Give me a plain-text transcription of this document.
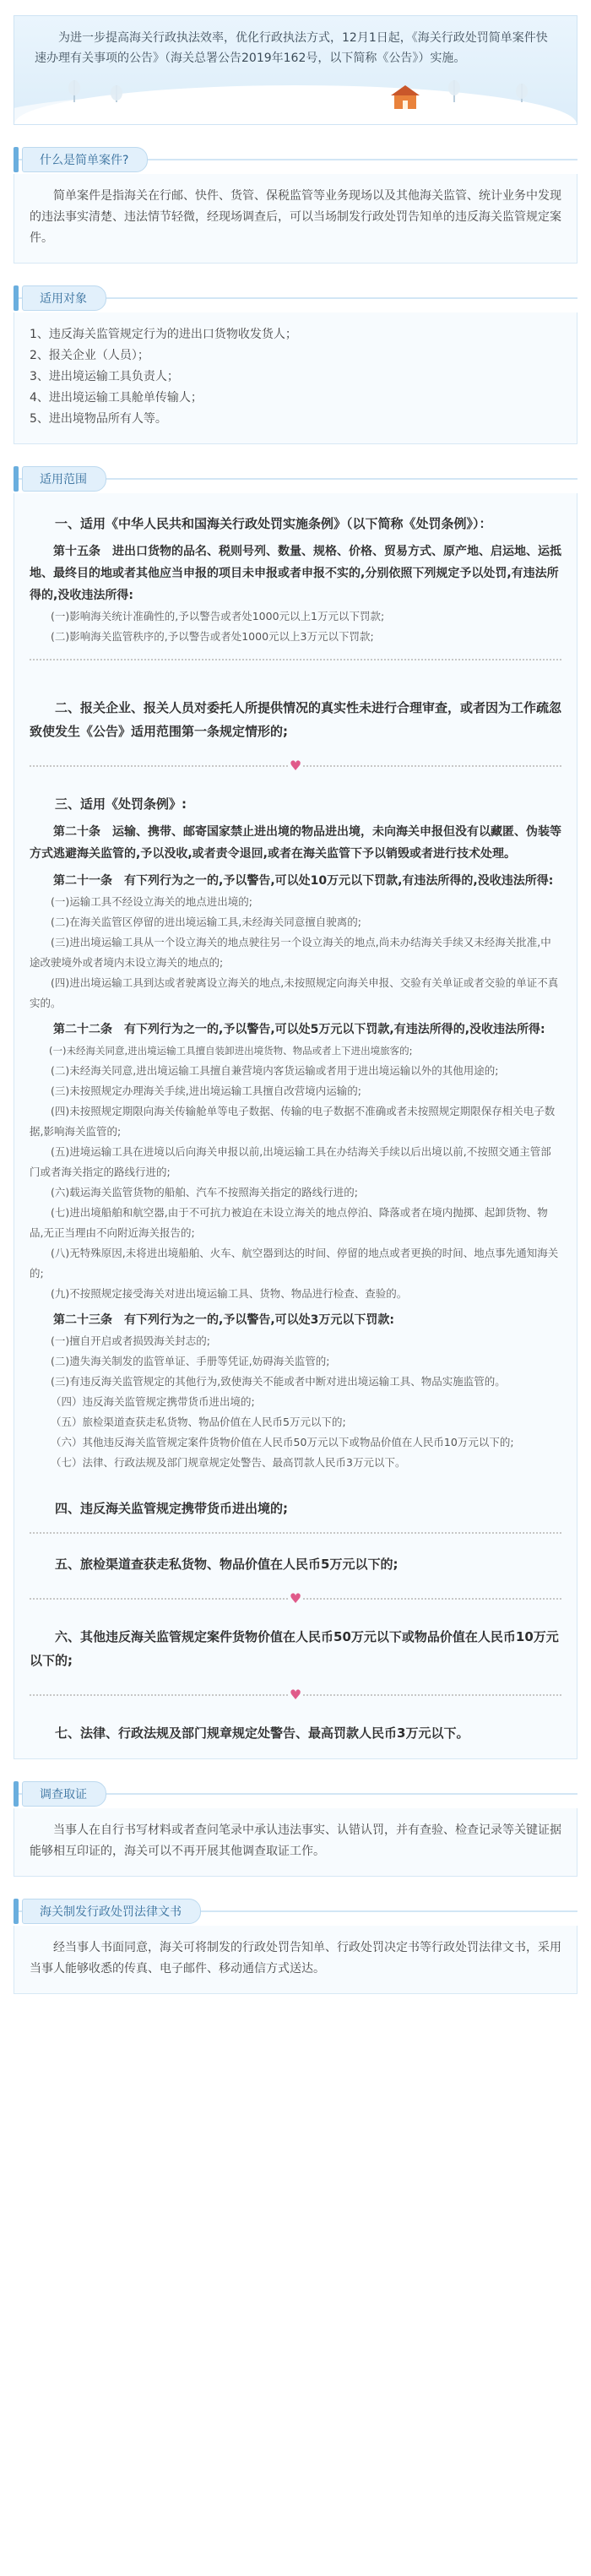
为进一步提高海关行政执法效率，优化行政执法方式，12月1日起，《海关行政处罚简单案件快速办理有关事项的公告》（海关总署公告2019年162号，以下简称《公告》）实施。

什么是简单案件?

简单案件是指海关在行邮、快件、货管、保税监管等业务现场以及其他海关监管、统计业务中发现的违法事实清楚、违法情节轻微，经现场调查后，可以当场制发行政处罚告知单的违反海关监管规定案件。

适用对象
1、违反海关监管规定行为的进出口货物收发货人；
2、报关企业（人员）；
3、进出境运输工具负责人；
4、进出境运输工具舱单传输人；
5、进出境物品所有人等。
适用范围

一、适用《中华人民共和国海关行政处罚实施条例》（以下简称《处罚条例》）：

第十五条　进出口货物的品名、税则号列、数量、规格、价格、贸易方式、原产地、启运地、运抵地、最终目的地或者其他应当申报的项目未申报或者申报不实的,分别依照下列规定予以处罚,有违法所得的,没收违法所得:

(一)影响海关统计准确性的,予以警告或者处1000元以上1万元以下罚款;

(二)影响海关监管秩序的,予以警告或者处1000元以上3万元以下罚款;

二、报关企业、报关人员对委托人所提供情况的真实性未进行合理审查，或者因为工作疏忽致使发生《公告》适用范围第一条规定情形的;

♥

三、适用《处罚条例》:

第二十条　运输、携带、邮寄国家禁止进出境的物品进出境，未向海关申报但没有以藏匿、伪装等方式逃避海关监管的,予以没收,或者责令退回,或者在海关监管下予以销毁或者进行技术处理。

第二十一条　有下列行为之一的,予以警告,可以处10万元以下罚款,有违法所得的,没收违法所得:

(一)运输工具不经设立海关的地点进出境的;

(二)在海关监管区停留的进出境运输工具,未经海关同意擅自驶离的;

(三)进出境运输工具从一个设立海关的地点驶往另一个设立海关的地点,尚未办结海关手续又未经海关批准,中途改驶境外或者境内未设立海关的地点的;

(四)进出境运输工具到达或者驶离设立海关的地点,未按照规定向海关申报、交验有关单证或者交验的单证不真实的。

第二十二条　有下列行为之一的,予以警告,可以处5万元以下罚款,有违法所得的,没收违法所得:

(一)未经海关同意,进出境运输工具擅自装卸进出境货物、物品或者上下进出境旅客的;

(二)未经海关同意,进出境运输工具擅自兼营境内客货运输或者用于进出境运输以外的其他用途的;

(三)未按照规定办理海关手续,进出境运输工具擅自改营境内运输的;

(四)未按照规定期限向海关传输舱单等电子数据、传输的电子数据不准确或者未按照规定期限保存相关电子数据,影响海关监管的;

(五)进境运输工具在进境以后向海关申报以前,出境运输工具在办结海关手续以后出境以前,不按照交通主管部门或者海关指定的路线行进的;

(六)载运海关监管货物的船舶、汽车不按照海关指定的路线行进的;

(七)进出境船舶和航空器,由于不可抗力被迫在未设立海关的地点停泊、降落或者在境内抛掷、起卸货物、物品,无正当理由不向附近海关报告的;

(八)无特殊原因,未将进出境船舶、火车、航空器到达的时间、停留的地点或者更换的时间、地点事先通知海关的;

(九)不按照规定接受海关对进出境运输工具、货物、物品进行检查、查验的。

第二十三条　有下列行为之一的,予以警告,可以处3万元以下罚款:

(一)擅自开启或者损毁海关封志的;

(二)遗失海关制发的监管单证、手册等凭证,妨碍海关监管的;

(三)有违反海关监管规定的其他行为,致使海关不能或者中断对进出境运输工具、物品实施监管的。

（四）违反海关监管规定携带货币进出境的;

（五）旅检渠道查获走私货物、物品价值在人民币5万元以下的;

（六）其他违反海关监管规定案件货物价值在人民币50万元以下或物品价值在人民币10万元以下的;

（七）法律、行政法规及部门规章规定处警告、最高罚款人民币3万元以下。

四、违反海关监管规定携带货币进出境的;

五、旅检渠道查获走私货物、物品价值在人民币5万元以下的;

♥

六、其他违反海关监管规定案件货物价值在人民币50万元以下或物品价值在人民币10万元以下的;

♥

七、法律、行政法规及部门规章规定处警告、最高罚款人民币3万元以下。

调查取证

当事人在自行书写材料或者查问笔录中承认违法事实、认错认罚，并有查验、检查记录等关键证据能够相互印证的，海关可以不再开展其他调查取证工作。

海关制发行政处罚法律文书

经当事人书面同意，海关可将制发的行政处罚告知单、行政处罚决定书等行政处罚法律文书，采用当事人能够收悉的传真、电子邮件、移动通信方式送达。
